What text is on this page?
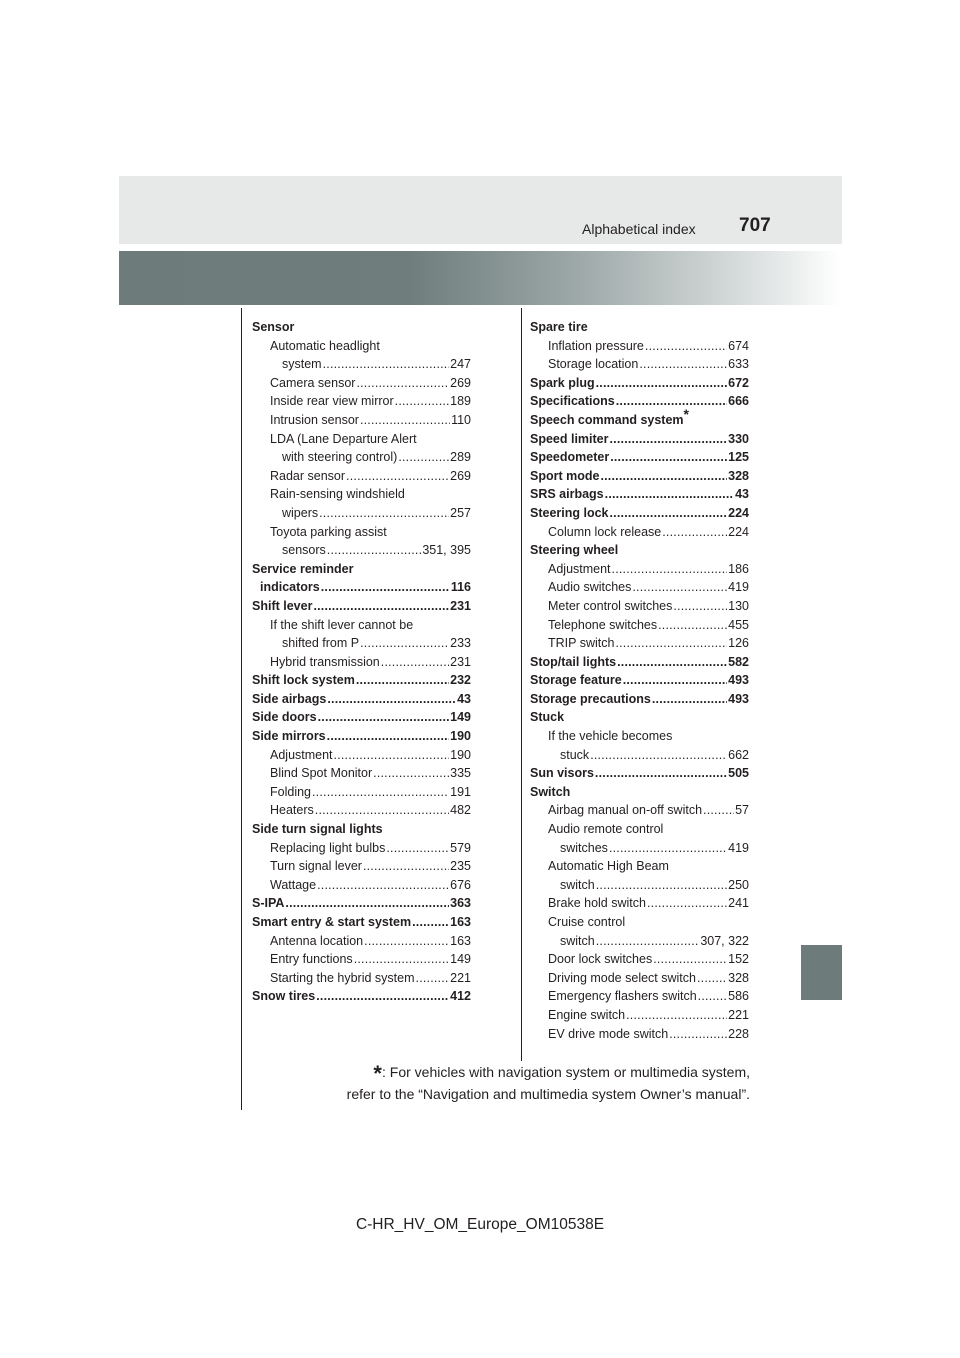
Alphabetical index 707
Sensor
Automatic headlight
system .....	247
Camera sensor .....	269
Inside rear view mirror .....	189
Intrusion sensor .....	110
LDA (Lane Departure Alert
with steering control) .....	289
Radar sensor .....	269
Rain-sensing windshield
wipers .....	257
Toyota parking assist
sensors .....	351, 395
Service reminder
indicators .....	116
Shift lever .....	231
If the shift lever cannot be
shifted from P .....	233
Hybrid transmission .....	231
Shift lock system .....	232
Side airbags .....	43
Side doors .....	149
Side mirrors .....	190
Adjustment .....	190
Blind Spot Monitor .....	335
Folding .....	191
Heaters .....	482
Side turn signal lights
Replacing light bulbs .....	579
Turn signal lever .....	235
Wattage .....	676
S-IPA .....	363
Smart entry & start system .....	163
Antenna location .....	163
Entry functions .....	149
Starting the hybrid system .....	221
Snow tires .....	412
Spare tire
Inflation pressure .....	674
Storage location .....	633
Spark plug .....	672
Specifications .....	666
Speech command system*
Speed limiter .....	330
Speedometer .....	125
Sport mode .....	328
SRS airbags .....	43
Steering lock .....	224
Column lock release .....	224
Steering wheel
Adjustment .....	186
Audio switches .....	419
Meter control switches .....	130
Telephone switches .....	455
TRIP switch .....	126
Stop/tail lights .....	582
Storage feature .....	493
Storage precautions .....	493
Stuck
If the vehicle becomes
stuck .....	662
Sun visors .....	505
Switch
Airbag manual on-off switch .....	57
Audio remote control
switches .....	419
Automatic High Beam
switch .....	250
Brake hold switch .....	241
Cruise control
switch .....	307, 322
Door lock switches .....	152
Driving mode select switch .....	328
Emergency flashers switch .....	586
Engine switch .....	221
EV drive mode switch .....	228
*: For vehicles with navigation system or multimedia system,
refer to the “Navigation and multimedia system Owner’s manual”.
C-HR_HV_OM_Europe_OM10538E
